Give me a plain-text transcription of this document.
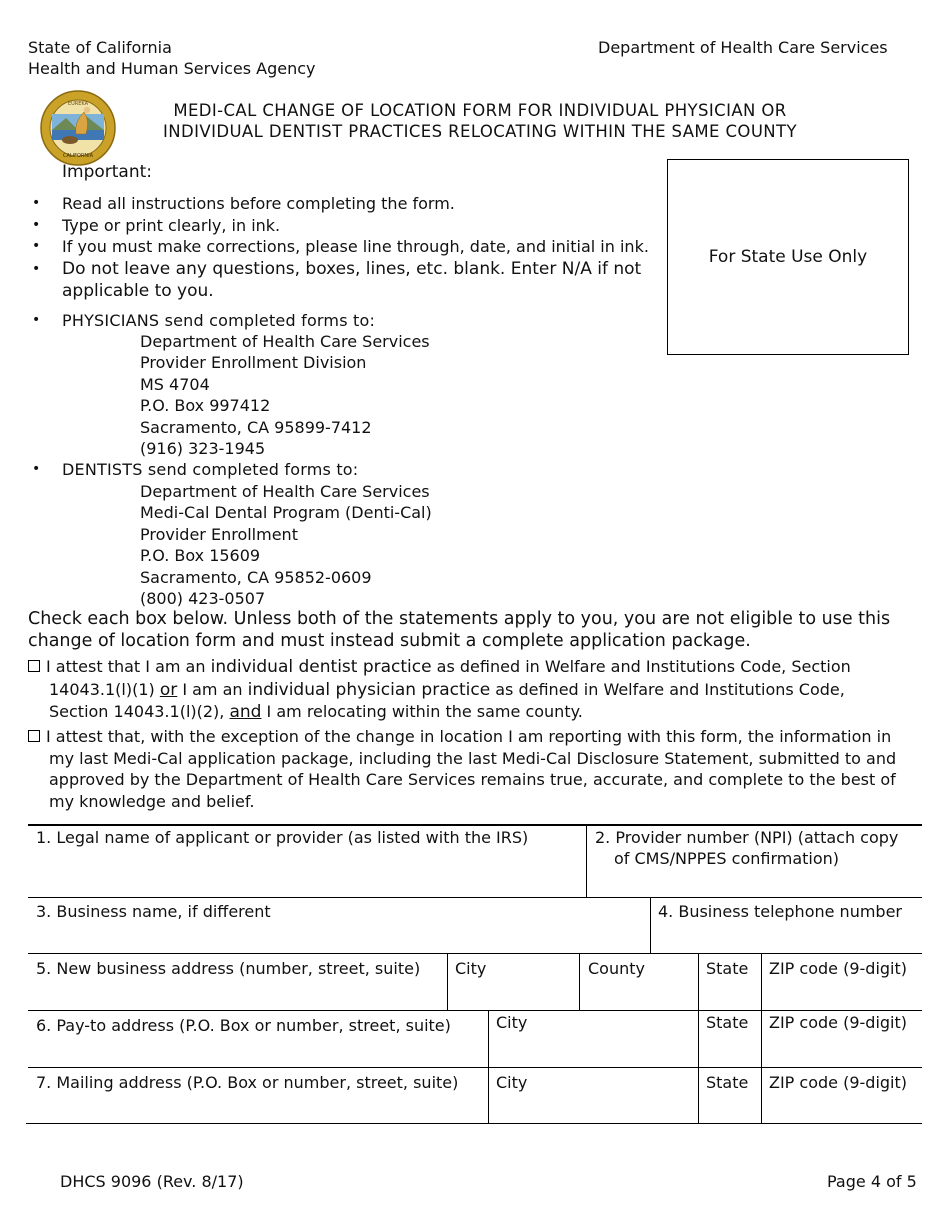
State of California
Health and Human Services Agency
Department of Health Care Services
EUREKA
CALIFORNIA
MEDI-CAL CHANGE OF LOCATION FORM FOR INDIVIDUAL PHYSICIAN OR
INDIVIDUAL DENTIST PRACTICES RELOCATING WITHIN THE SAME COUNTY
For State Use Only
Important:
• Read all instructions before completing the form.
• Type or print clearly, in ink.
• If you must make corrections, please line through, date, and initial in ink.
• Do not leave any questions, boxes, lines, etc. blank. Enter N/A if not applicable to you.
• PHYSICIANS send completed forms to:
Department of Health Care Services
Provider Enrollment Division
MS 4704
P.O. Box 997412
Sacramento, CA 95899-7412
(916) 323-1945
• DENTISTS send completed forms to:
Department of Health Care Services
Medi-Cal Dental Program (Denti-Cal)
Provider Enrollment
P.O. Box 15609
Sacramento, CA 95852-0609
(800) 423-0507
Check each box below. Unless both of the statements apply to you, you are not eligible to use this change of location form and must instead submit a complete application package.
I attest that I am an individual dentist practice as defined in Welfare and Institutions Code, Section 14043.1(l)(1) or I am an individual physician practice as defined in Welfare and Institutions Code, Section 14043.1(l)(2), and I am relocating within the same county.
I attest that, with the exception of the change in location I am reporting with this form, the information in my last Medi-Cal application package, including the last Medi-Cal Disclosure Statement, submitted to and approved by the Department of Health Care Services remains true, accurate, and complete to the best of my knowledge and belief.
1. Legal name of applicant or provider (as listed with the IRS)	2. Provider number (NPI) (attach copy
of CMS/NPPES confirmation)
3. Business name, if different	4. Business telephone number
5. New business address (number, street, suite) City	County	State ZIP code (9-digit)
6. Pay-to address (P.O. Box or number, street, suite)	City	State ZIP code (9-digit)
7. Mailing address (P.O. Box or number, street, suite) City	State ZIP code (9-digit)
DHCS 9096 (Rev. 8/17)	Page 4 of 5
